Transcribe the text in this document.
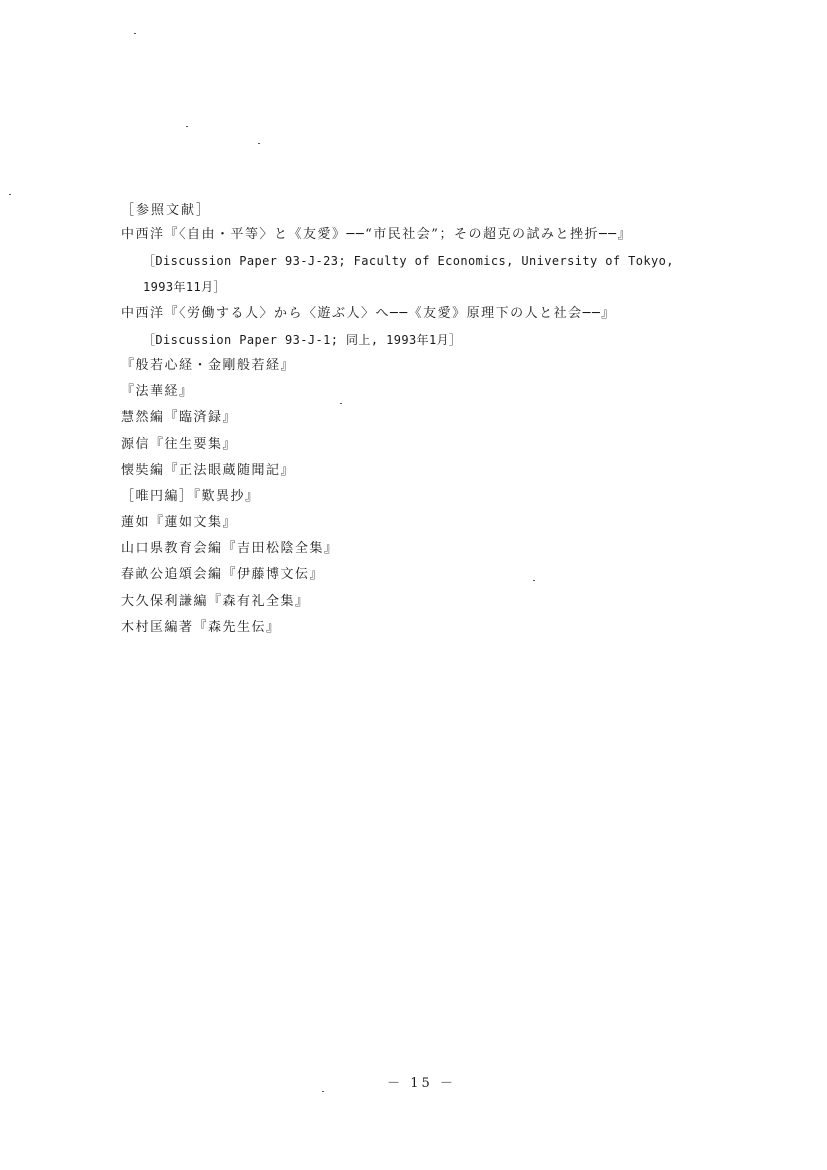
［参照文献］
中西洋『〈自由・平等〉と《友愛》──“市民社会”；その超克の試みと挫折──』
［Discussion Paper 93-J-23; Faculty of Economics, University of Tokyo,
1993年11月］
中西洋『〈労働する人〉から〈遊ぶ人〉へ──《友愛》原理下の人と社会──』
［Discussion Paper 93-J-1; 同上, 1993年1月］
『般若心経・金剛般若経』
『法華経』
慧然編『臨済録』
源信『往生要集』
懐奘編『正法眼蔵随聞記』
［唯円編］『歎異抄』
蓮如『蓮如文集』
山口県教育会編『吉田松陰全集』
春畝公追頌会編『伊藤博文伝』
大久保利謙編『森有礼全集』
木村匡編著『森先生伝』
－ 15 －
